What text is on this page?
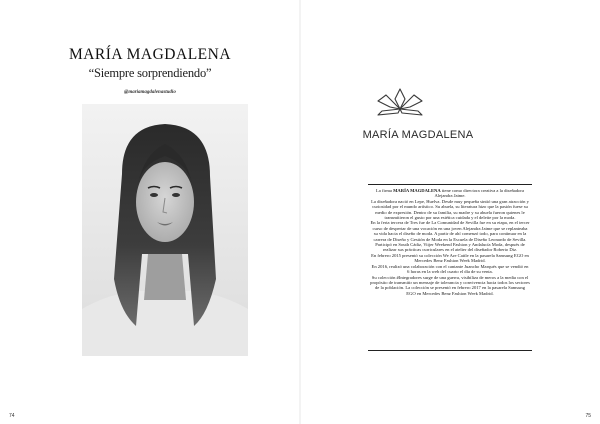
MARÍA MAGDALENA
“Siempre sorprendiendo”
@mariamagdalenastudio
74
MARÍA MAGDALENA

La firma MARÍA MAGDALENA tiene como directora creativa a la diseñadora Alejandra Jaime.

La diseñadora nació en Lepe, Huelva. Desde muy pequeña sintió una gran atracción y curiosidad por el mundo artístico. Su abuela, su literatura hizo que la pasión fuese su medio de expresión. Dentro de su familia, su madre y su abuela fueron quienes le transmitieron el gusto por una estética cuidada y el deleite por la moda.

En la feria tercera de Tres fue de La Comunidad de Sevilla fue en su etapa, en el tercer curso de despertar de una vocación en una joven Alejandra Jaime que se replanteaba su vida hacia el diseño de moda. A partir de ahí comenzó todo, para continuar en la carrera de Diseño y Gestión de Moda en la Escuela de Diseño Leonardo de Sevilla.

Participó en South Cádiz, Viijer Weekend Fashion y Andalucía Moda, después de realizar sus prácticas curriculares en el atelier del diseñador Roberto Diz.

En febrero 2015 presentó su colección We Are Cattle en la pasarela Samsung EGO en Mercedes Benz Fashion Week Madrid.

En 2016, realizó una colaboración con el cantante Juancho Marqués que se vendió en 6 horas en la web del cuarto el día de su venta.

Su colección #Integradores surge de una guerra, visibiliza de meros a la media con el propósito de transmitir un mensaje de tolerancia y convivencia hacia todos los sectores de la población. La colección se presentó en febrero 2017 en la pasarela Samsung EGO en Mercedes Benz Fashion Week Madrid.

75
